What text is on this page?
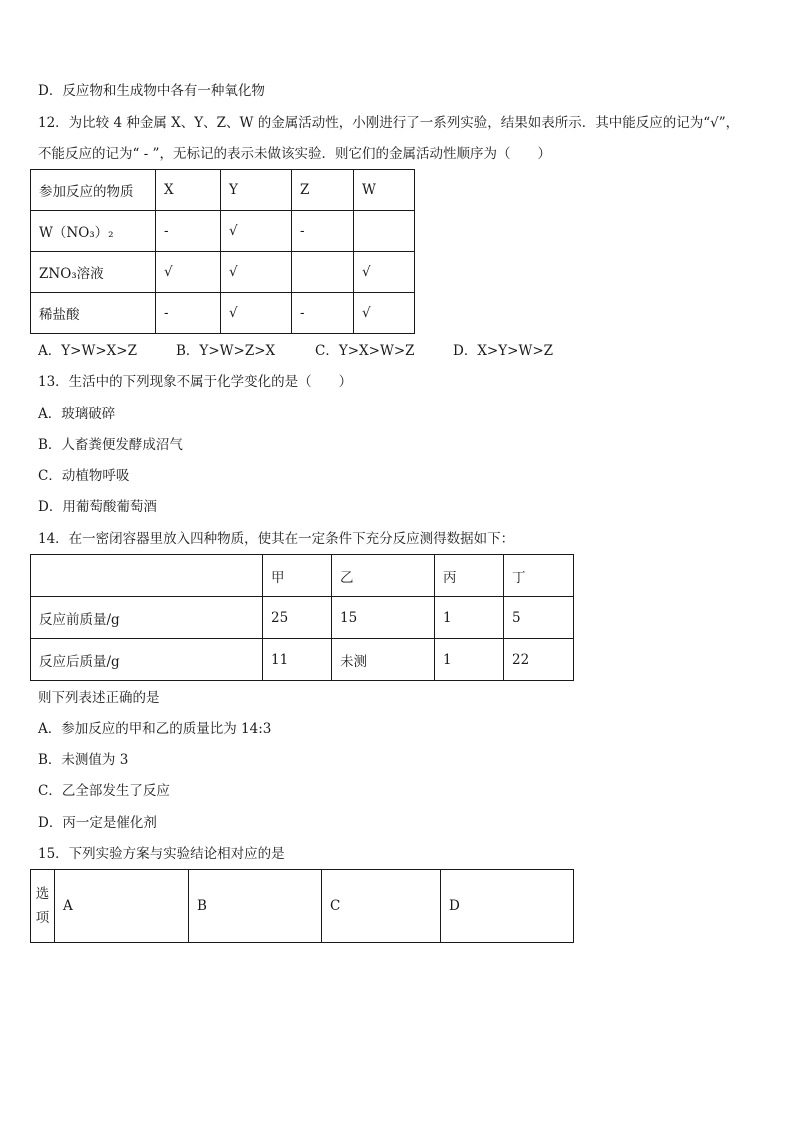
D．反应物和生成物中各有一种氧化物
12．为比较 4 种金属 X、Y、Z、W 的金属活动性，小刚进行了一系列实验，结果如表所示．其中能反应的记为“√”，
不能反应的记为“ - ”，无标记的表示未做该实验．则它们的金属活动性顺序为（　　）
参加反应的物质	X	Y	Z	W
W（NO₃）₂	-	√	-	
ZNO₃溶液	√	√		√
稀盐酸	-	√	-	√
A．Y>W>X>Z	B．Y>W>Z>X	C．Y>X>W>Z	D．X>Y>W>Z
13．生活中的下列现象不属于化学变化的是（　　）
A．玻璃破碎
B．人畜粪便发酵成沼气
C．动植物呼吸
D．用葡萄酸葡萄酒
14．在一密闭容器里放入四种物质，使其在一定条件下充分反应测得数据如下：
	甲	乙	丙	丁
反应前质量/g	25	15	1	5
反应后质量/g	11	未测	1	22
则下列表述正确的是
A．参加反应的甲和乙的质量比为 14:3
B．未测值为 3
C．乙全部发生了反应
D．丙一定是催化剂
15．下列实验方案与实验结论相对应的是
选项	A	B	C	D
